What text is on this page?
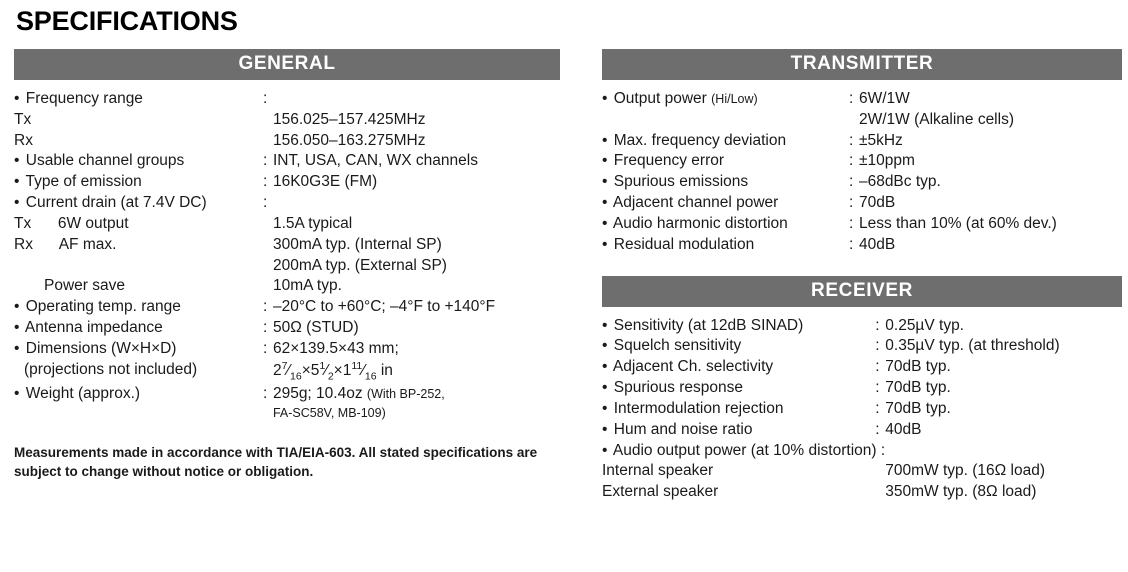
SPECIFICATIONS
GENERAL
• Frequency range	:	
Tx		156.025–157.425MHz
Rx		156.050–163.275MHz
• Usable channel groups	:	INT, USA, CAN, WX channels
• Type of emission	:	16K0G3E (FM)
• Current drain (at 7.4V DC)	:	
Tx 6W output		1.5A typical
Rx AF max.		300mA typ. (Internal SP)
		200mA typ. (External SP)
Power save		10mA typ.
• Operating temp. range	:	–20°C to +60°C; –4°F to +140°F
• Antenna impedance	:	50Ω (STUD)
• Dimensions (W×H×D)	:	62×139.5×43 mm;
(projections not included)		$2^7⁄_{16}\times 5^1⁄_2\times 1^{11}⁄_{16}$ in
• Weight (approx.)	:	295g; 10.4oz (With BP-252,
		FA-SC58V, MB-109)
Measurements made in accordance with TIA/EIA-603. All stated specifications are subject to change without notice or obligation.
TRANSMITTER
• Output power (Hi/Low)	:	6W/1W
		2W/1W (Alkaline cells)
• Max. frequency deviation	:	±5kHz
• Frequency error	:	±10ppm
• Spurious emissions	:	–68dBc typ.
• Adjacent channel power	:	70dB
• Audio harmonic distortion	:	Less than 10% (at 60% dev.)
• Residual modulation	:	40dB
RECEIVER
• Sensitivity (at 12dB SINAD)	:	0.25µV typ.
• Squelch sensitivity	:	0.35µV typ. (at threshold)
• Adjacent Ch. selectivity	:	70dB typ.
• Spurious response	:	70dB typ.
• Intermodulation rejection	:	70dB typ.
• Hum and noise ratio	:	40dB
• Audio output power (at 10% distortion) :		
Internal speaker		700mW typ. (16Ω load)
External speaker		350mW typ. (8Ω load)
